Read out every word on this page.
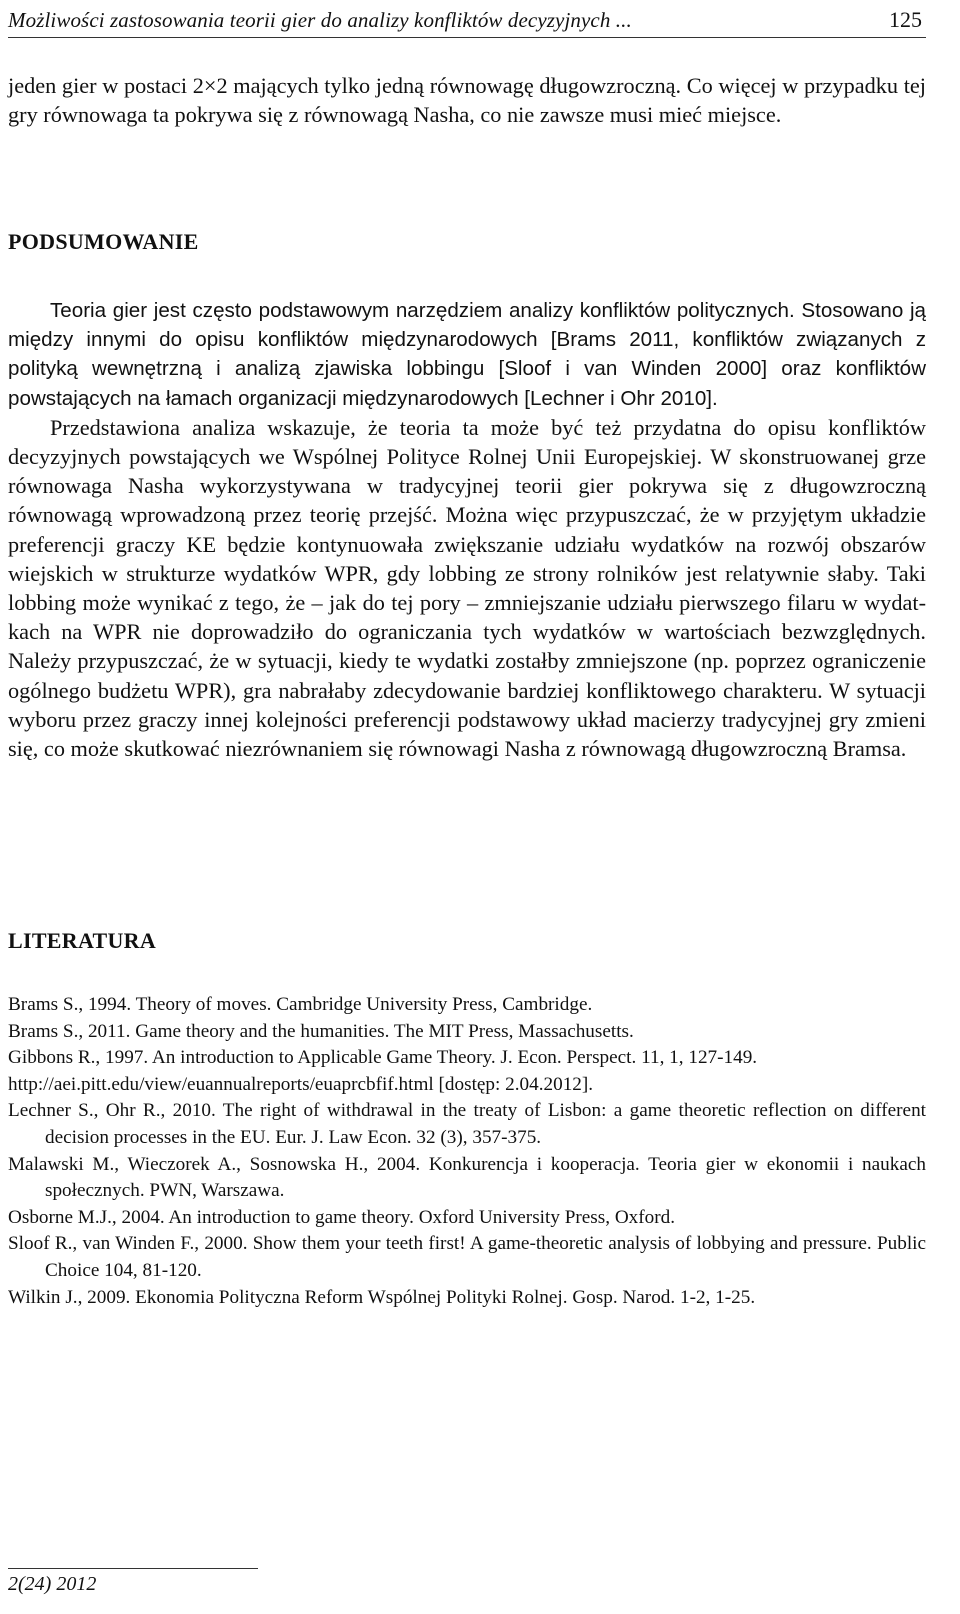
Możliwości zastosowania teorii gier do analizy konfliktów decyzyjnych ...	125

jeden gier w postaci 2×2 mających tylko jedną równowagę długowzroczną. Co więcej w przypadku tej gry równowaga ta pokrywa się z równowagą Nasha, co nie zawsze musi mieć miejsce.

PODSUMOWANIE

Teoria gier jest często podstawowym narzędziem analizy konfliktów politycznych. Stosowano ją między innymi do opisu konfliktów międzynarodowych [Brams 2011, konfliktów związanych z polityką wewnętrzną i analizą zjawiska lobbingu [Sloof i van Winden 2000] oraz konfliktów powstających na łamach organizacji międzynarodowych [Lechner i Ohr 2010].

Przedstawiona analiza wskazuje, że teoria ta może być też przydatna do opisu konfliktów decyzyjnych powstających we Wspólnej Polityce Rolnej Unii Europejskiej. W skonstruowanej grze równowaga Nasha wykorzystywana w tradycyjnej teorii gier pokrywa się z długowzroczną równowagą wprowadzoną przez teorię przejść. Można więc przypuszczać, że w przyjętym układzie preferencji graczy KE będzie kontynuowała zwiększanie udziału wydatków na rozwój obszarów wiejskich w strukturze wydatków WPR, gdy lobbing ze strony rolników jest relatywnie słaby. Taki lobbing może wynikać z tego, że – jak do tej pory – zmniejszanie udziału pierwszego filaru w wydatkach na WPR nie doprowadziło do ograniczania tych wydatków w wartościach bezwzględnych. Należy przypuszczać, że w sytuacji, kiedy te wydatki zostałby zmniejszone (np. poprzez ograniczenie ogólnego budżetu WPR), gra nabrałaby zdecydowanie bardziej konfliktowego charakteru. W sytuacji wyboru przez graczy innej kolejności preferencji podstawowy układ macierzy tradycyjnej gry zmieni się, co może skutkować niezrównaniem się równowagi Nasha z równowagą długowzroczną Bramsa.

LITERATURA
Brams S., 1994. Theory of moves. Cambridge University Press, Cambridge.
Brams S., 2011. Game theory and the humanities. The MIT Press, Massachusetts.
Gibbons R., 1997. An introduction to Applicable Game Theory. J. Econ. Perspect. 11, 1, 127-149.
http://aei.pitt.edu/view/euannualreports/euaprcbfif.html [dostęp: 2.04.2012].
Lechner S., Ohr R., 2010. The right of withdrawal in the treaty of Lisbon: a game theoretic reflection on different decision processes in the EU. Eur. J. Law Econ. 32 (3), 357-375.
Malawski M., Wieczorek A., Sosnowska H., 2004. Konkurencja i kooperacja. Teoria gier w ekonomii i naukach społecznych. PWN, Warszawa.
Osborne M.J., 2004. An introduction to game theory. Oxford University Press, Oxford.
Sloof R., van Winden F., 2000. Show them your teeth first! A game-theoretic analysis of lobbying and pressure. Public Choice 104, 81-120.
Wilkin J., 2009. Ekonomia Polityczna Reform Wspólnej Polityki Rolnej. Gosp. Narod. 1-2, 1-25.
2(24) 2012
